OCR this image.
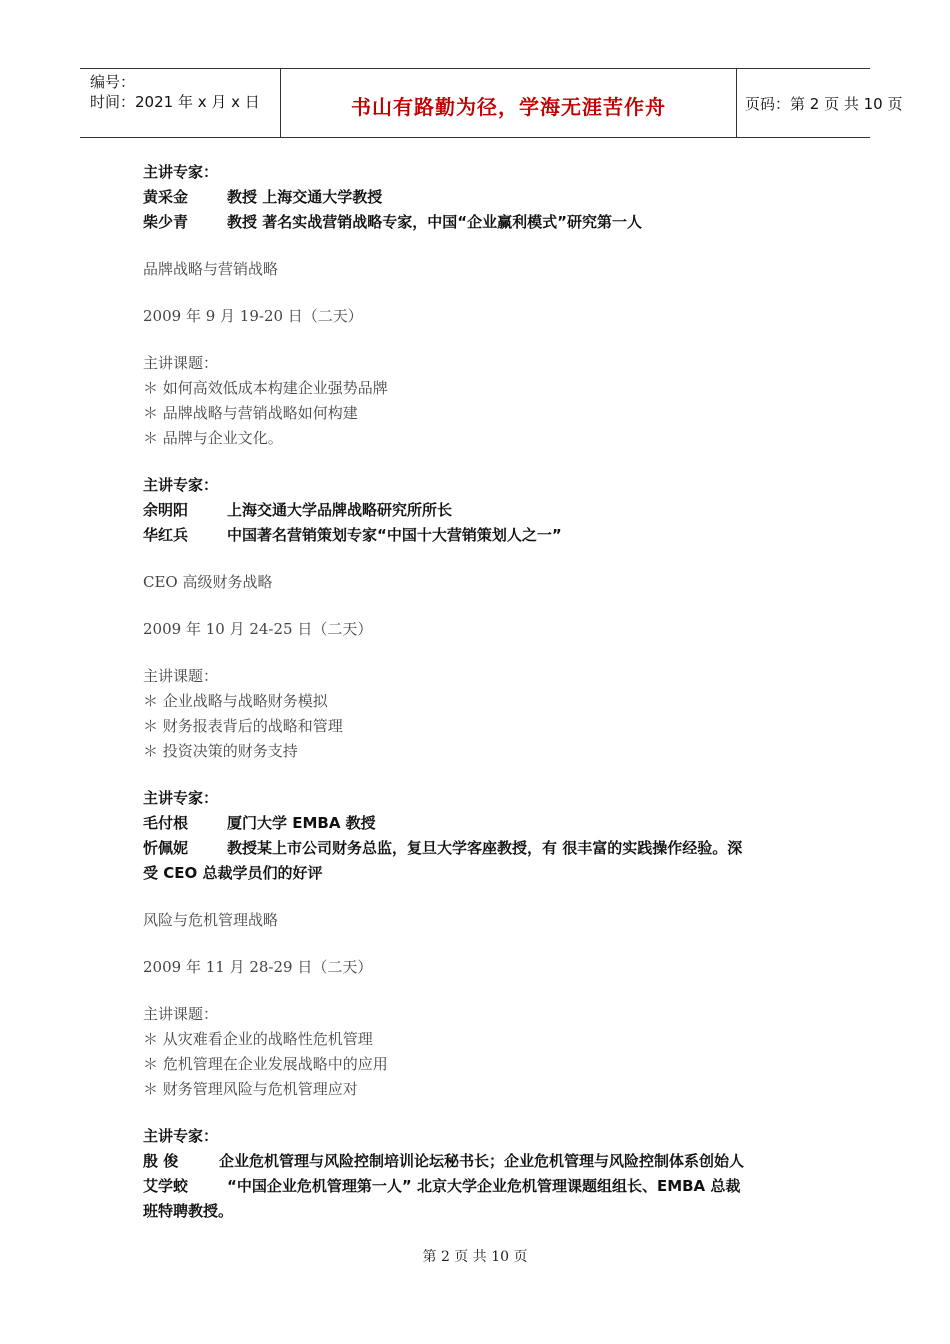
编号：
时间：2021 年 x 月 x 日	书山有路勤为径，学海无涯苦作舟	页码：第 2 页 共 10 页
主讲专家：
黄采金	教授 上海交通大学教授
柴少青	教授 著名实战营销战略专家，中国“企业赢利模式”研究第一人
品牌战略与营销战略
2009 年 9 月 19-20 日（二天）
主讲课题：
＊ 如何高效低成本构建企业强势品牌
＊ 品牌战略与营销战略如何构建
＊ 品牌与企业文化。
主讲专家：
余明阳	上海交通大学品牌战略研究所所长
华红兵	中国著名营销策划专家“中国十大营销策划人之一”
CEO 高级财务战略
2009 年 10 月 24-25 日（二天）
主讲课题：
＊ 企业战略与战略财务模拟
＊ 财务报表背后的战略和管理
＊ 投资决策的财务支持
主讲专家：
毛付根	厦门大学 EMBA 教授
忻佩妮	教授某上市公司财务总监，复旦大学客座教授，有 很丰富的实践操作经验。深
受 CEO 总裁学员们的好评
风险与危机管理战略
2009 年 11 月 28-29 日（二天）
主讲课题：
＊ 从灾难看企业的战略性危机管理
＊ 危机管理在企业发展战略中的应用
＊ 财务管理风险与危机管理应对
主讲专家：
殷 俊	企业危机管理与风险控制培训论坛秘书长；企业危机管理与风险控制体系创始人
艾学蛟	“中国企业危机管理第一人” 北京大学企业危机管理课题组组长、EMBA 总裁
班特聘教授。
第 2 页 共 10 页
